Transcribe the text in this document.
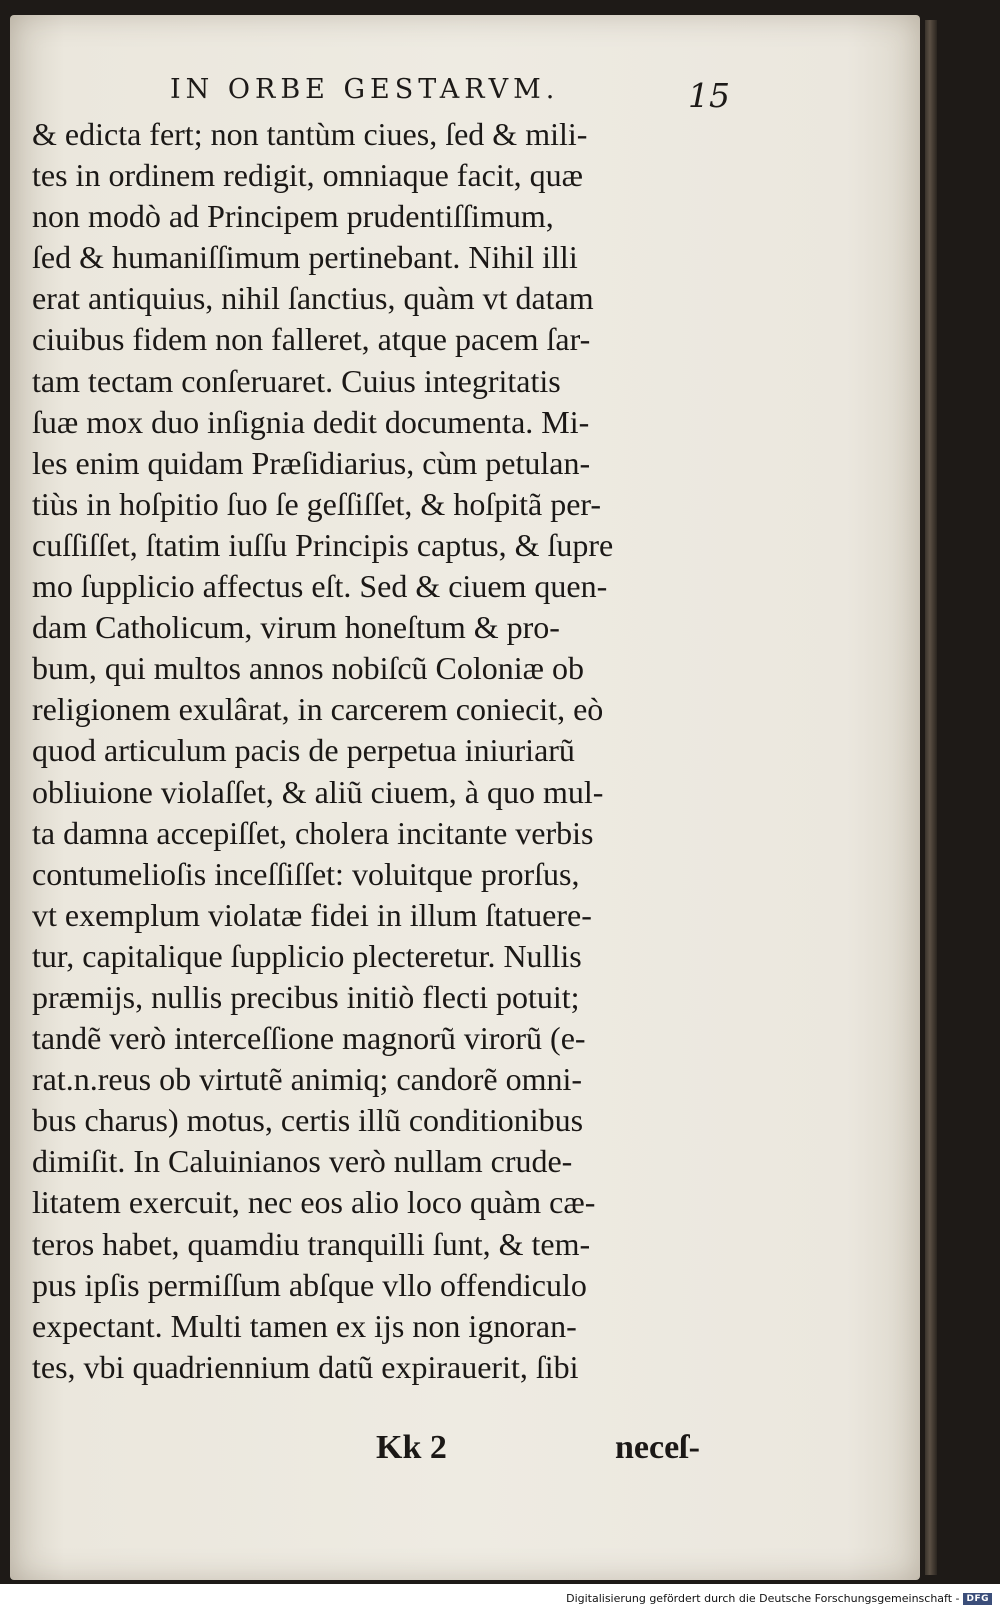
IN ORBE GESTARVM.	15
& edicta fert; non tantùm ciues, ſed & mili-
tes in ordinem redigit, omniaque facit, quæ
non modò ad Principem prudentiſſimum,
ſed & humaniſſimum pertinebant. Nihil illi
erat antiquius, nihil ſanctius, quàm vt datam
ciuibus fidem non falleret, atque pacem ſar-
tam tectam conſeruaret. Cuius integritatis
ſuæ mox duo inſignia dedit documenta. Mi-
les enim quidam Præſidiarius, cùm petulan-
tiùs in hoſpitio ſuo ſe geſſiſſet, & hoſpitã per-
cuſſiſſet, ſtatim iuſſu Principis captus, & ſupre
mo ſupplicio affectus eſt. Sed & ciuem quen-
dam Catholicum, virum honeſtum & pro-
bum, qui multos annos nobiſcũ Coloniæ ob
religionem exulârat, in carcerem coniecit, eò
quod articulum pacis de perpetua iniuriarũ
obliuione violaſſet, & aliũ ciuem, à quo mul-
ta damna accepiſſet, cholera incitante verbis
contumelioſis inceſſiſſet: voluitque prorſus,
vt exemplum violatæ fidei in illum ſtatuere-
tur, capitalique ſupplicio plecteretur. Nullis
præmijs, nullis precibus initiò flecti potuit;
tandẽ verò interceſſione magnorũ virorũ (e-
rat.n.reus ob virtutẽ animiq; candorẽ omni-
bus charus) motus, certis illũ conditionibus
dimiſit. In Caluinianos verò nullam crude-
litatem exercuit, nec eos alio loco quàm cæ-
teros habet, quamdiu tranquilli ſunt, & tem-
pus ipſis permiſſum abſque vllo offendiculo
expectant. Multi tamen ex ijs non ignoran-
tes, vbi quadriennium datũ expirauerit, ſibi
Kk 2	neceſ-
Digitalisierung gefördert durch die Deutsche Forschungsgemeinschaft - DFG
